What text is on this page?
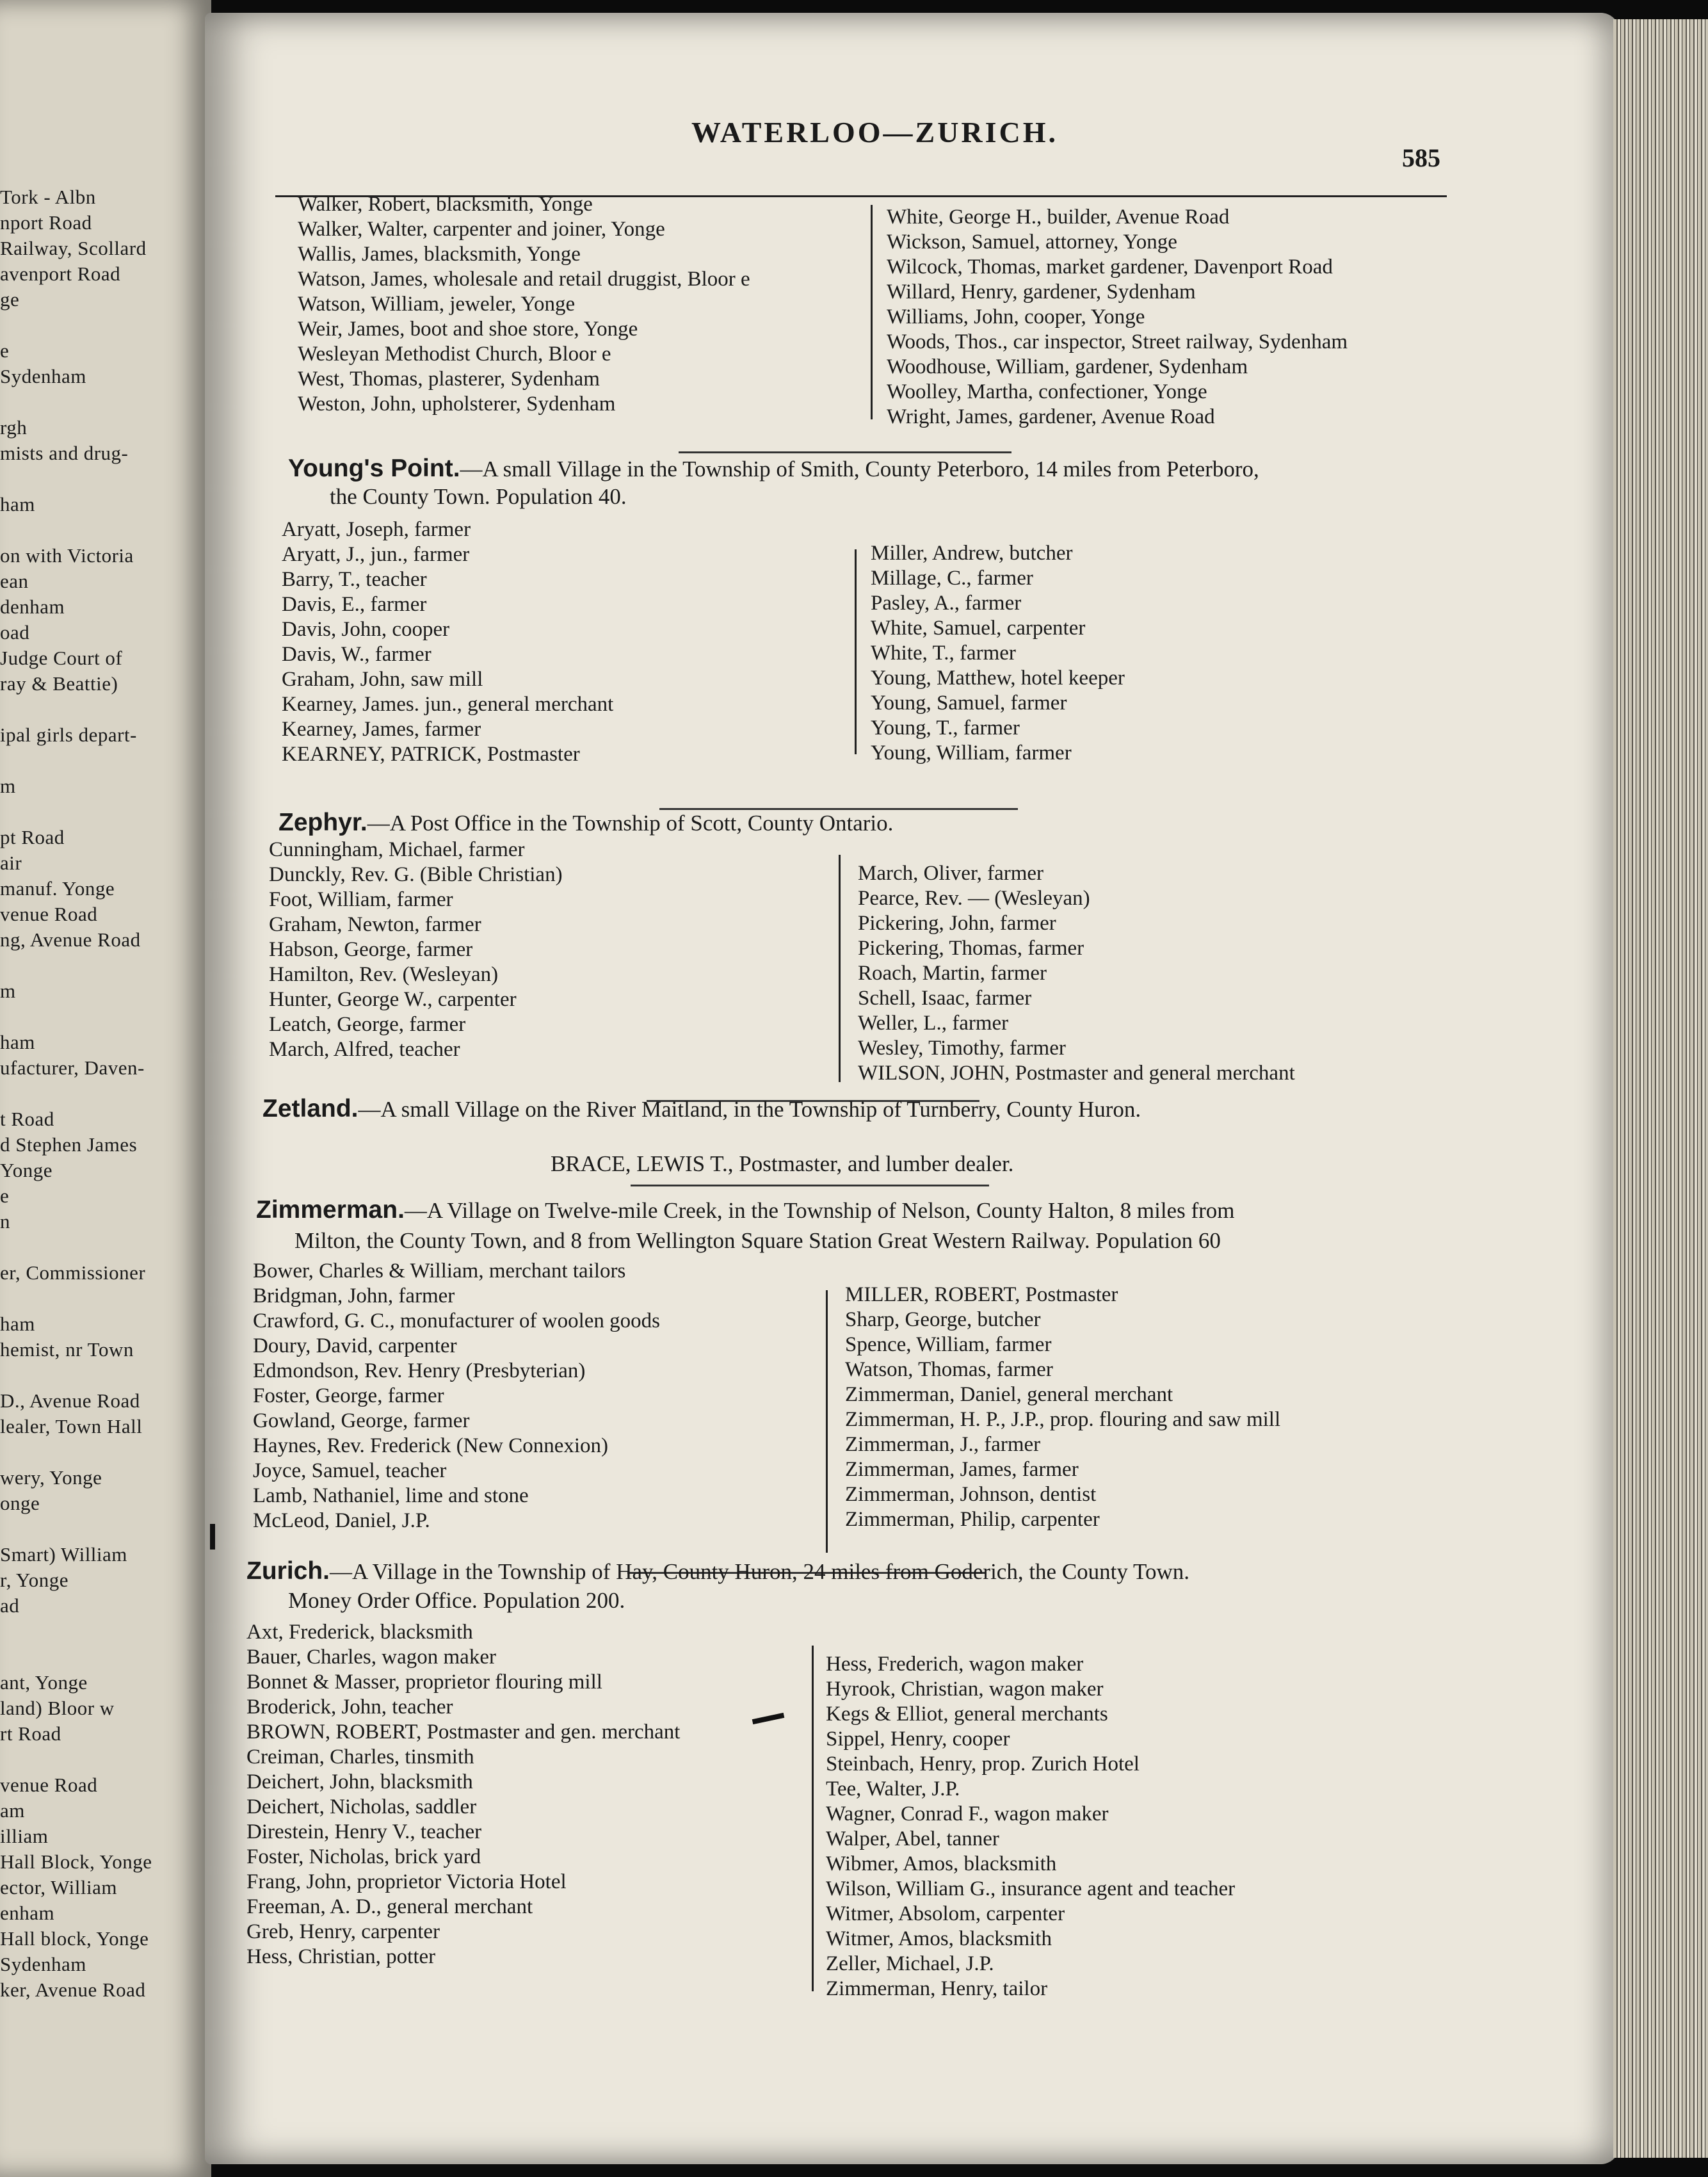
Tork - Albn
nport Road
Railway, Scollard
avenport Road
ge
e
Sydenham
rgh
mists and drug-
ham
on with Victoria
ean
denham
oad
Judge Court of
ray & Beattie)
ipal girls depart-
m
pt Road
air
manuf. Yonge
venue Road
ng, Avenue Road
m
ham
ufacturer, Daven-
t Road
d Stephen James
Yonge
e
n
er, Commissioner
ham
hemist, nr Town
D., Avenue Road
lealer, Town Hall
wery, Yonge
onge
Smart) William
r, Yonge
ad
ant, Yonge
land) Bloor w
rt Road
venue Road
am
illiam
Hall Block, Yonge
ector, William
enham
Hall block, Yonge
Sydenham
ker, Avenue Road
WATERLOO—ZURICH.
585
Walker, Robert, blacksmith, Yonge
Walker, Walter, carpenter and joiner, Yonge
Wallis, James, blacksmith, Yonge
Watson, James, wholesale and retail druggist, Bloor e
Watson, William, jeweler, Yonge
Weir, James, boot and shoe store, Yonge
Wesleyan Methodist Church, Bloor e
West, Thomas, plasterer, Sydenham
Weston, John, upholsterer, Sydenham
White, George H., builder, Avenue Road
Wickson, Samuel, attorney, Yonge
Wilcock, Thomas, market gardener, Davenport Road
Willard, Henry, gardener, Sydenham
Williams, John, cooper, Yonge
Woods, Thos., car inspector, Street railway, Sydenham
Woodhouse, William, gardener, Sydenham
Woolley, Martha, confectioner, Yonge
Wright, James, gardener, Avenue Road
Young's Point.—A small Village in the Township of Smith, County Peterboro, 14 miles from Peterboro,
the County Town. Population 40.
Aryatt, Joseph, farmer
Aryatt, J., jun., farmer
Barry, T., teacher
Davis, E., farmer
Davis, John, cooper
Davis, W., farmer
Graham, John, saw mill
Kearney, James. jun., general merchant
Kearney, James, farmer
KEARNEY, PATRICK, Postmaster
Miller, Andrew, butcher
Millage, C., farmer
Pasley, A., farmer
White, Samuel, carpenter
White, T., farmer
Young, Matthew, hotel keeper
Young, Samuel, farmer
Young, T., farmer
Young, William, farmer
Zephyr.—A Post Office in the Township of Scott, County Ontario.
Cunningham, Michael, farmer
Dunckly, Rev. G. (Bible Christian)
Foot, William, farmer
Graham, Newton, farmer
Habson, George, farmer
Hamilton, Rev. (Wesleyan)
Hunter, George W., carpenter
Leatch, George, farmer
March, Alfred, teacher
March, Oliver, farmer
Pearce, Rev. — (Wesleyan)
Pickering, John, farmer
Pickering, Thomas, farmer
Roach, Martin, farmer
Schell, Isaac, farmer
Weller, L., farmer
Wesley, Timothy, farmer
WILSON, JOHN, Postmaster and general merchant
Zetland.—A small Village on the River Maitland, in the Township of Turnberry, County Huron.
BRACE, LEWIS T., Postmaster, and lumber dealer.
Zimmerman.—A Village on Twelve-mile Creek, in the Township of Nelson, County Halton, 8 miles from
Milton, the County Town, and 8 from Wellington Square Station Great Western Railway. Population 60
Bower, Charles & William, merchant tailors
Bridgman, John, farmer
Crawford, G. C., monufacturer of woolen goods
Doury, David, carpenter
Edmondson, Rev. Henry (Presbyterian)
Foster, George, farmer
Gowland, George, farmer
Haynes, Rev. Frederick (New Connexion)
Joyce, Samuel, teacher
Lamb, Nathaniel, lime and stone
McLeod, Daniel, J.P.
MILLER, ROBERT, Postmaster
Sharp, George, butcher
Spence, William, farmer
Watson, Thomas, farmer
Zimmerman, Daniel, general merchant
Zimmerman, H. P., J.P., prop. flouring and saw mill
Zimmerman, J., farmer
Zimmerman, James, farmer
Zimmerman, Johnson, dentist
Zimmerman, Philip, carpenter
Zurich.—A Village in the Township of Hay, County Huron, 24 miles from Goderich, the County Town.
Money Order Office. Population 200.
Axt, Frederick, blacksmith
Bauer, Charles, wagon maker
Bonnet & Masser, proprietor flouring mill
Broderick, John, teacher
BROWN, ROBERT, Postmaster and gen. merchant
Creiman, Charles, tinsmith
Deichert, John, blacksmith
Deichert, Nicholas, saddler
Direstein, Henry V., teacher
Foster, Nicholas, brick yard
Frang, John, proprietor Victoria Hotel
Freeman, A. D., general merchant
Greb, Henry, carpenter
Hess, Christian, potter
Hess, Frederich, wagon maker
Hyrook, Christian, wagon maker
Kegs & Elliot, general merchants
Sippel, Henry, cooper
Steinbach, Henry, prop. Zurich Hotel
Tee, Walter, J.P.
Wagner, Conrad F., wagon maker
Walper, Abel, tanner
Wibmer, Amos, blacksmith
Wilson, William G., insurance agent and teacher
Witmer, Absolom, carpenter
Witmer, Amos, blacksmith
Zeller, Michael, J.P.
Zimmerman, Henry, tailor
